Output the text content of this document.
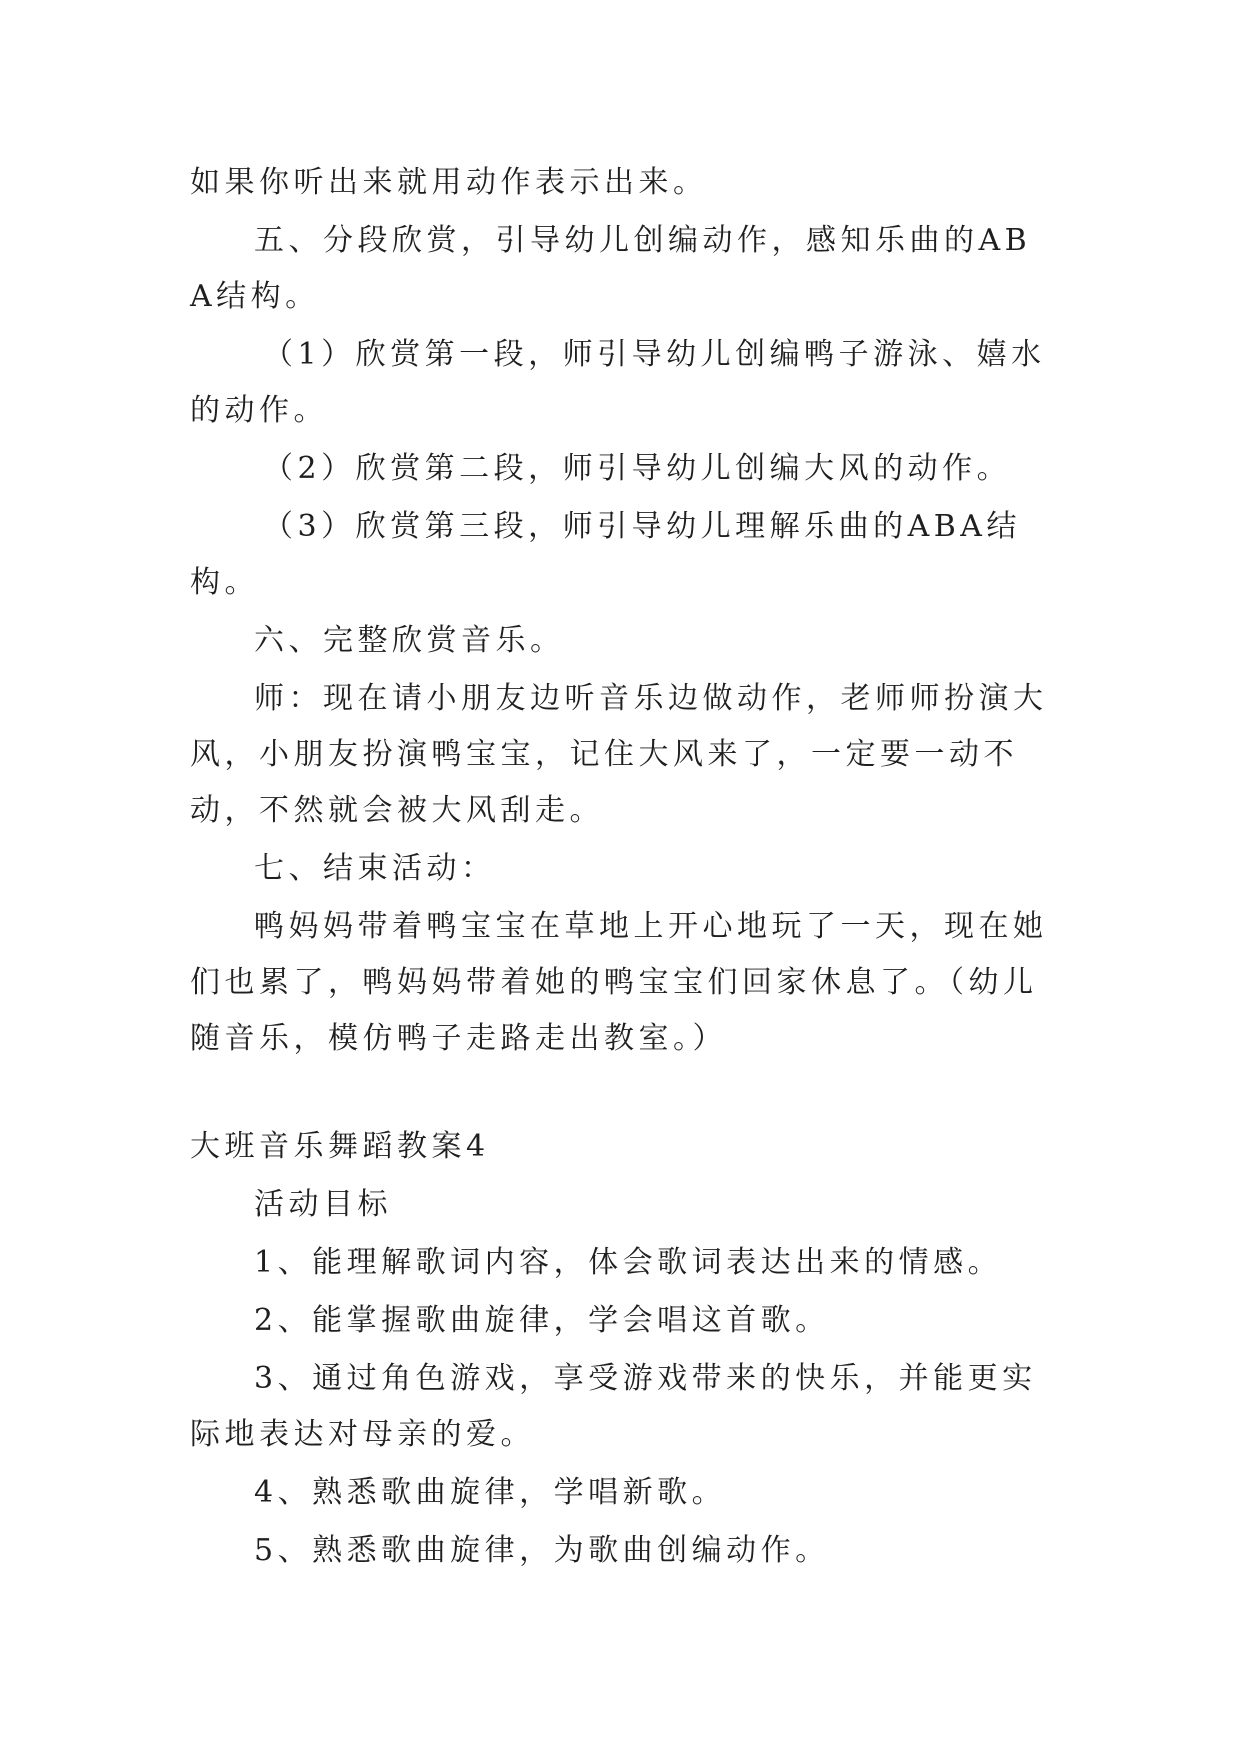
如果你听出来就用动作表示出来。

五、分段欣赏，引导幼儿创编动作，感知乐曲的ABA结构。

（1）欣赏第一段，师引导幼儿创编鸭子游泳、嬉水的动作。

（2）欣赏第二段，师引导幼儿创编大风的动作。

（3）欣赏第三段，师引导幼儿理解乐曲的ABA结构。

六、完整欣赏音乐。

师：现在请小朋友边听音乐边做动作，老师师扮演大风，小朋友扮演鸭宝宝，记住大风来了，一定要一动不动，不然就会被大风刮走。

七、结束活动：

鸭妈妈带着鸭宝宝在草地上开心地玩了一天，现在她们也累了，鸭妈妈带着她的鸭宝宝们回家休息了。（幼儿随音乐，模仿鸭子走路走出教室。）

大班音乐舞蹈教案4

活动目标

1、能理解歌词内容，体会歌词表达出来的情感。

2、能掌握歌曲旋律，学会唱这首歌。

3、通过角色游戏，享受游戏带来的快乐，并能更实际地表达对母亲的爱。

4、熟悉歌曲旋律，学唱新歌。

5、熟悉歌曲旋律，为歌曲创编动作。
